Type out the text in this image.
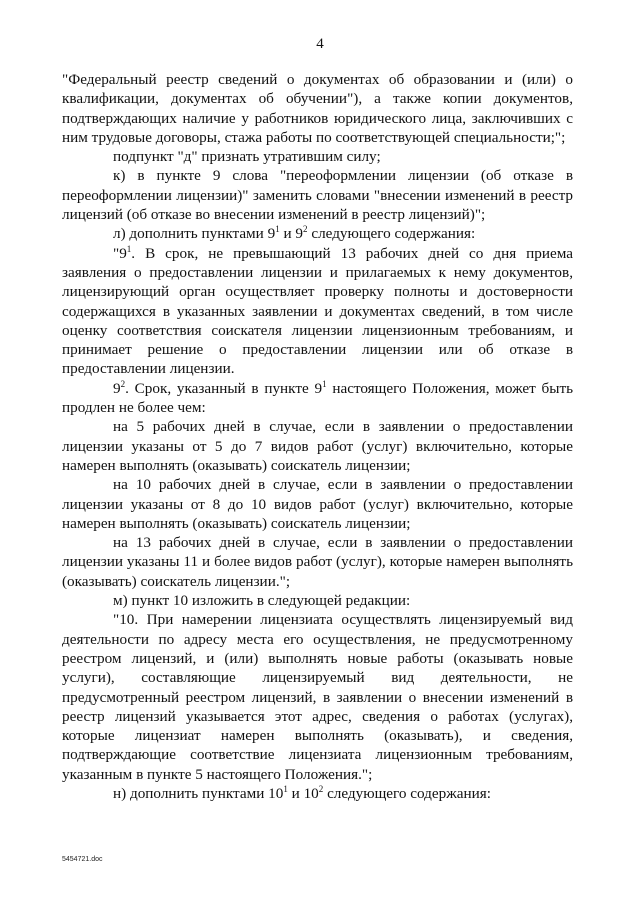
4

"Федеральный реестр сведений о документах об образовании и (или) о квалификации, документах об обучении"), а также копии документов, подтверждающих наличие у работников юридического лица, заключивших с ним трудовые договоры, стажа работы по соответствующей специальности;";

подпункт "д" признать утратившим силу;

к) в пункте 9 слова "переоформлении лицензии (об отказе в переоформлении лицензии)" заменить словами "внесении изменений в реестр лицензий (об отказе во внесении изменений в реестр лицензий)";

л) дополнить пунктами $9^1$ и $9^2$ следующего содержания:

"$9^1$. В срок, не превышающий 13 рабочих дней со дня приема заявления о предоставлении лицензии и прилагаемых к нему документов, лицензирующий орган осуществляет проверку полноты и достоверности содержащихся в указанных заявлении и документах сведений, в том числе оценку соответствия соискателя лицензии лицензионным требованиям, и принимает решение о предоставлении лицензии или об отказе в предоставлении лицензии.

$9^2$. Срок, указанный в пункте $9^1$ настоящего Положения, может быть продлен не более чем:

на 5 рабочих дней в случае, если в заявлении о предоставлении лицензии указаны от 5 до 7 видов работ (услуг) включительно, которые намерен выполнять (оказывать) соискатель лицензии;

на 10 рабочих дней в случае, если в заявлении о предоставлении лицензии указаны от 8 до 10 видов работ (услуг) включительно, которые намерен выполнять (оказывать) соискатель лицензии;

на 13 рабочих дней в случае, если в заявлении о предоставлении лицензии указаны 11 и более видов работ (услуг), которые намерен выполнять (оказывать) соискатель лицензии.";

м) пункт 10 изложить в следующей редакции:

"10. При намерении лицензиата осуществлять лицензируемый вид деятельности по адресу места его осуществления, не предусмотренному реестром лицензий, и (или) выполнять новые работы (оказывать новые услуги), составляющие лицензируемый вид деятельности, не предусмотренный реестром лицензий, в заявлении о внесении изменений в реестр лицензий указывается этот адрес, сведения о работах (услугах), которые лицензиат намерен выполнять (оказывать), и сведения, подтверждающие соответствие лицензиата лицензионным требованиям, указанным в пункте 5 настоящего Положения.";

н) дополнить пунктами $10^1$ и $10^2$ следующего содержания:

5454721.doc
